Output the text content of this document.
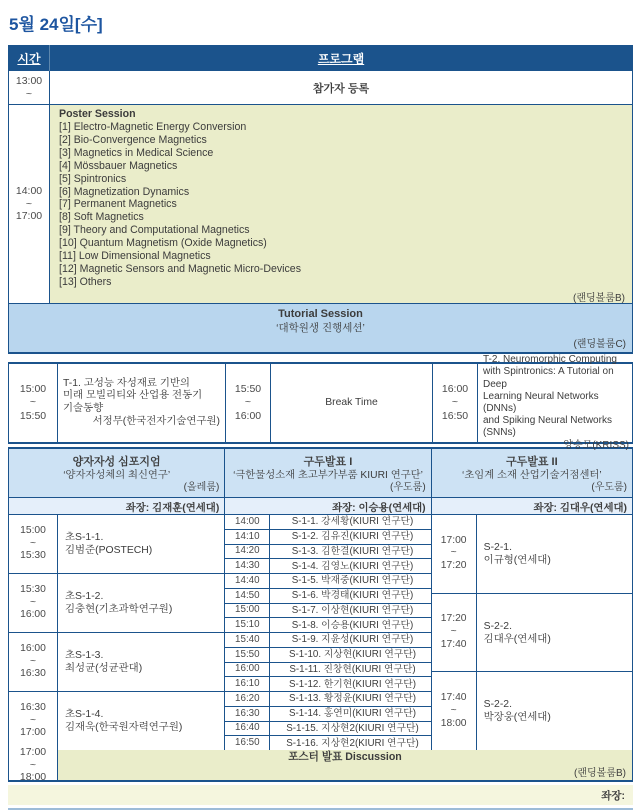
5월 24일[수]
시간	프로그램
13:00
~	참가자 등록
14:00
~
17:00
Poster Session
[1] Electro-Magnetic Energy Conversion
[2] Bio-Convergence Magnetics
[3] Magnetics in Medical Science
[4] Mössbauer Magnetics
[5] Spintronics
[6] Magnetization Dynamics
[7] Permanent Magnetics
[8] Soft Magnetics
[9] Theory and Computational Magnetics
[10] Quantum Magnetism (Oxide Magnetics)
[11] Low Dimensional Magnetics
[12] Magnetic Sensors and Magnetic Micro-Devices
[13] Others
(랜딩볼룸B)
Tutorial Session
‘대학원생 진행세션’
(랜딩볼룸C)
15:00
~
15:50
T-1. 고성능 자성재료 기반의
미래 모빌리티와 산업용 전동기
기술동향
서정무(한국전자기술연구원)
15:50
~
16:00
Break Time
16:00
~
16:50
T-2. Neuromorphic Computing
with Spintronics: A Tutorial on Deep
Learning Neural Networks (DNNs)
and Spiking Neural Networks (SNNs)
양승모(KRISS)
양자자성 심포지엄
‘양자자성체의 최신연구’
(올레룸)
구두발표 I
‘극한물성소재 초고부가부품 KIURI 연구단’
(우도룸)
구두발표 II
‘초임계 소재 산업기술거점센터’
(우도룸)
좌장: 김재훈(연세대)	좌장: 이승용(연세대)	좌장: 김대우(연세대)
15:00
~
15:30
초S-1-1.
김범준(POSTECH)
15:30
~
16:00
초S-1-2.
김충현(기초과학연구원)
16:00
~
16:30
초S-1-3.
최성균(성균관대)
16:30
~
17:00
초S-1-4.
김재욱(한국원자력연구원)
14:00	S-1-1. 강세황(KIURI 연구단)
14:10	S-1-2. 김유진(KIURI 연구단)
14:20	S-1-3. 김한결(KIURI 연구단)
14:30	S-1-4. 김영노(KIURI 연구단)
14:40	S-1-5. 박재중(KIURI 연구단)
14:50	S-1-6. 박경태(KIURI 연구단)
15:00	S-1-7. 이상현(KIURI 연구단)
15:10	S-1-8. 이승용(KIURI 연구단)
15:40	S-1-9. 지윤성(KIURI 연구단)
15:50	S-1-10. 지상현(KIURI 연구단)
16:00	S-1-11. 진창현(KIURI 연구단)
16:10	S-1-12. 한기현(KIURI 연구단)
16:20	S-1-13. 황정윤(KIURI 연구단)
16:30	S-1-14. 홍연미(KIURI 연구단)
16:40	S-1-15. 지상현2(KIURI 연구단)
16:50	S-1-16. 지상현2(KIURI 연구단)
17:00
~
17:20
S-2-1.
이규형(연세대)
17:20
~
17:40
S-2-2.
김대우(연세대)
17:40
~
18:00
S-2-2.
박장웅(연세대)
17:00
~
18:00
포스터 발표 Discussion
(랜딩볼룸B)
좌장:
